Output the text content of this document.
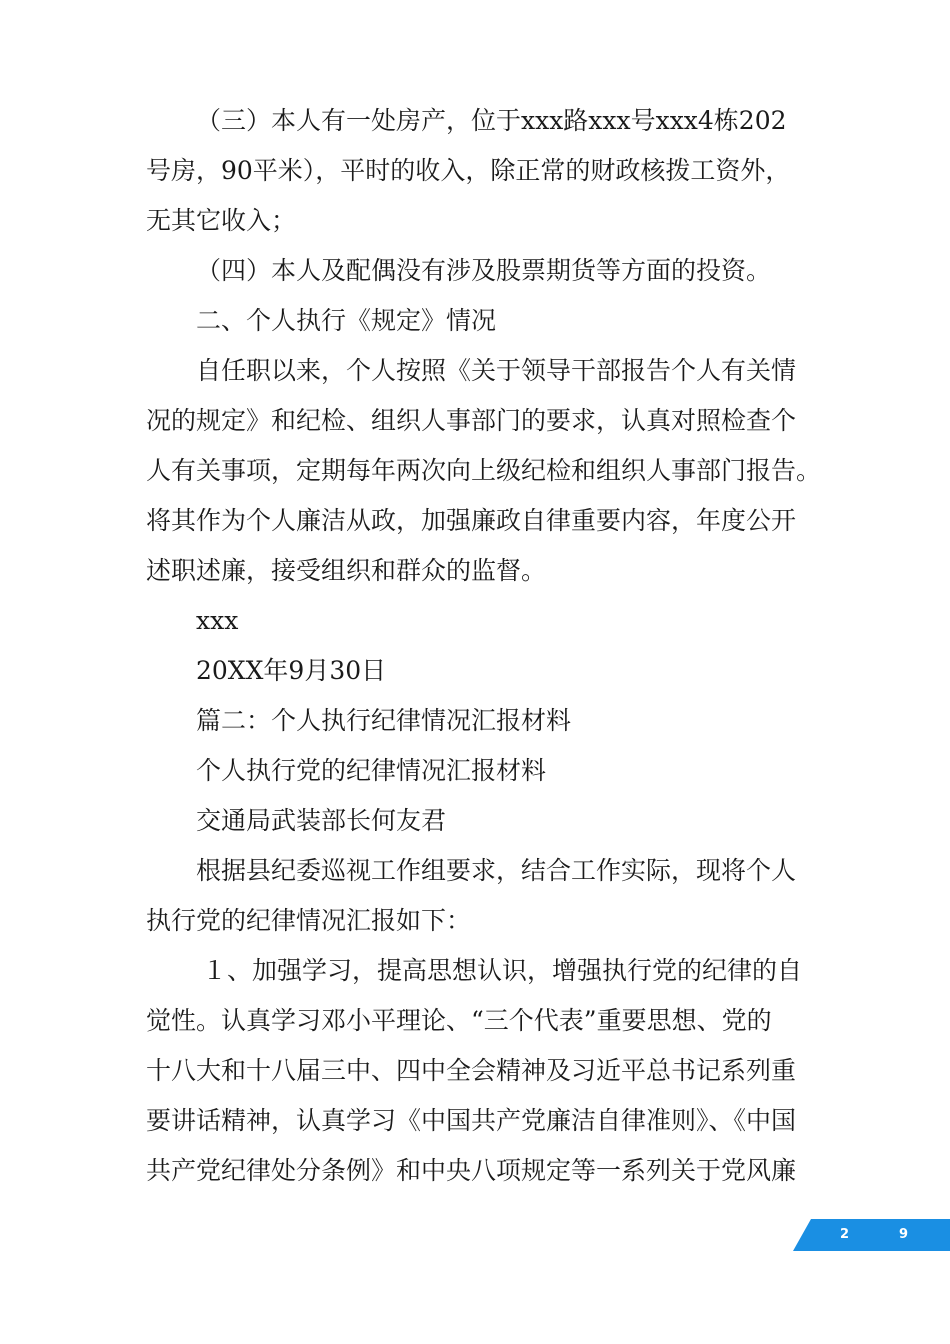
（三）本人有一处房产，位于xxx路xxx号xxx4栋202
号房，90平米），平时的收入，除正常的财政核拨工资外，
无其它收入；
（四）本人及配偶没有涉及股票期货等方面的投资。
二、个人执行《规定》情况
自任职以来，个人按照《关于领导干部报告个人有关情
况的规定》和纪检、组织人事部门的要求，认真对照检查个
人有关事项，定期每年两次向上级纪检和组织人事部门报告。
将其作为个人廉洁从政，加强廉政自律重要内容，年度公开
述职述廉，接受组织和群众的监督。
xxx
20XX年9月30日
篇二：个人执行纪律情况汇报材料
个人执行党的纪律情况汇报材料
交通局武装部长何友君
根据县纪委巡视工作组要求，结合工作实际，现将个人
执行党的纪律情况汇报如下：
１、加强学习，提高思想认识，增强执行党的纪律的自
觉性。认真学习邓小平理论、“三个代表”重要思想、党的
十八大和十八届三中、四中全会精神及习近平总书记系列重
要讲话精神，认真学习《中国共产党廉洁自律准则》、《中国
共产党纪律处分条例》和中央八项规定等一系列关于党风廉
2	9
